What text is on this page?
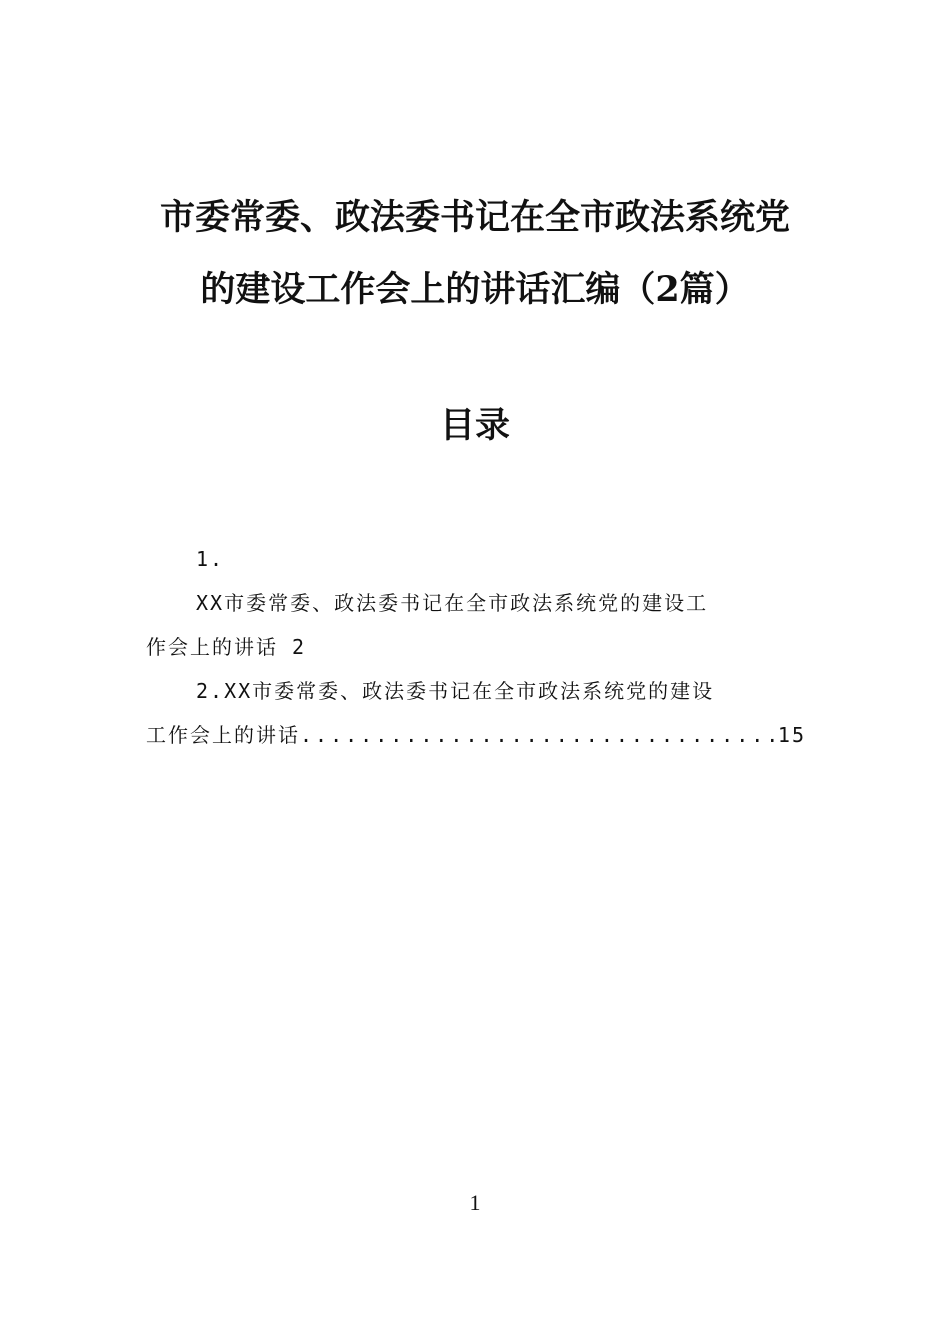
市委常委、政法委书记在全市政法系统党
的建设工作会上的讲话汇编（2篇）
目录
1.
XX市委常委、政法委书记在全市政法系统党的建设工
作会上的讲话 2
2.XX市委常委、政法委书记在全市政法系统党的建设
工作会上的讲话
.....	15
1
